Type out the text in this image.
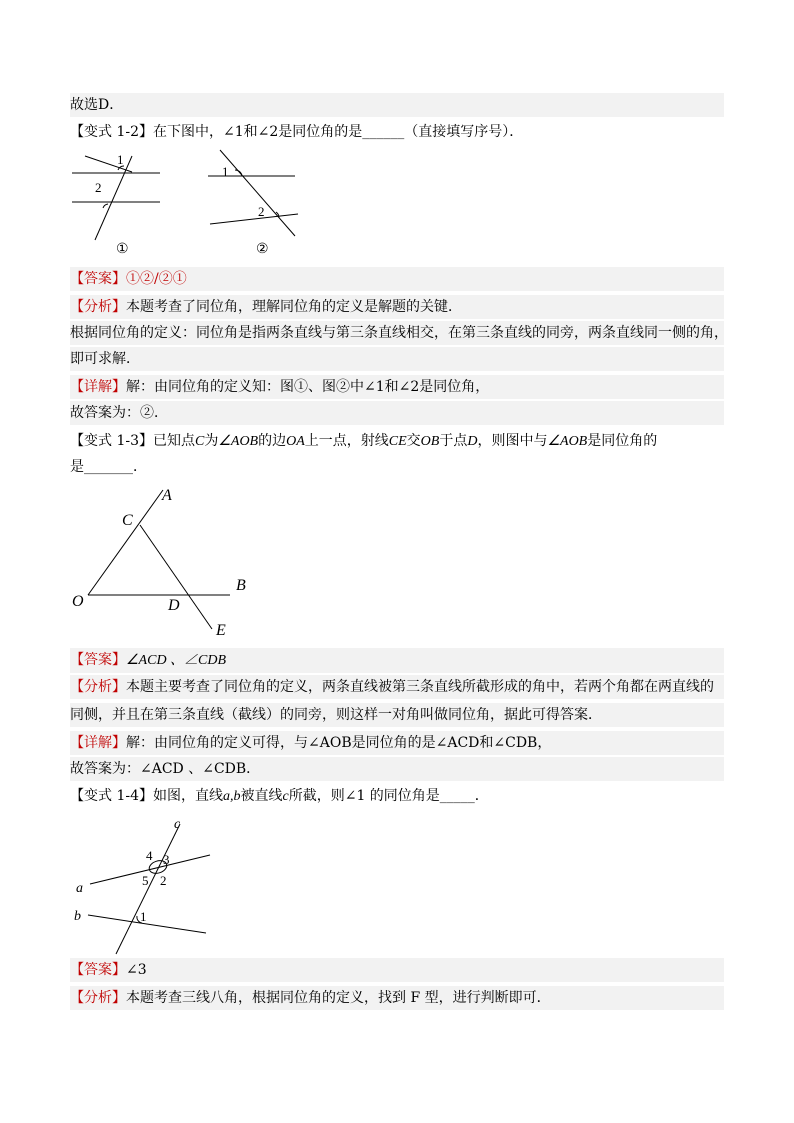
故选D．
【变式 1-2】在下图中，∠1和∠2是同位角的是______（直接填写序号）．
1
2
①
1
2
②
【答案】①②/②①
【分析】本题考查了同位角，理解同位角的定义是解题的关键．
根据同位角的定义：同位角是指两条直线与第三条直线相交，在第三条直线的同旁，两条直线同一侧的角，
即可求解．
【详解】解：由同位角的定义知：图①、图②中∠1和∠2是同位角，
故答案为：②．
【变式 1-3】已知点C为∠AOB的边OA上一点，射线CE交OB于点D，则图中与∠AOB是同位角的
是_______．
A
C
O	D
B
E
【答案】∠ACD 、∠CDB
【分析】本题主要考查了同位角的定义，两条直线被第三条直线所截形成的角中，若两个角都在两直线的
同侧，并且在第三条直线（截线）的同旁，则这样一对角叫做同位角，据此可得答案．
【详解】解：由同位角的定义可得，与∠AOB是同位角的是∠ACD和∠CDB，
故答案为：∠ACD 、∠CDB．
【变式 1-4】如图，直线a,b被直线c所截，则∠1 的同位角是_____．
c
a
b
4 3
5 2
1
【答案】∠3
【分析】本题考查三线八角，根据同位角的定义，找到 F 型，进行判断即可．
